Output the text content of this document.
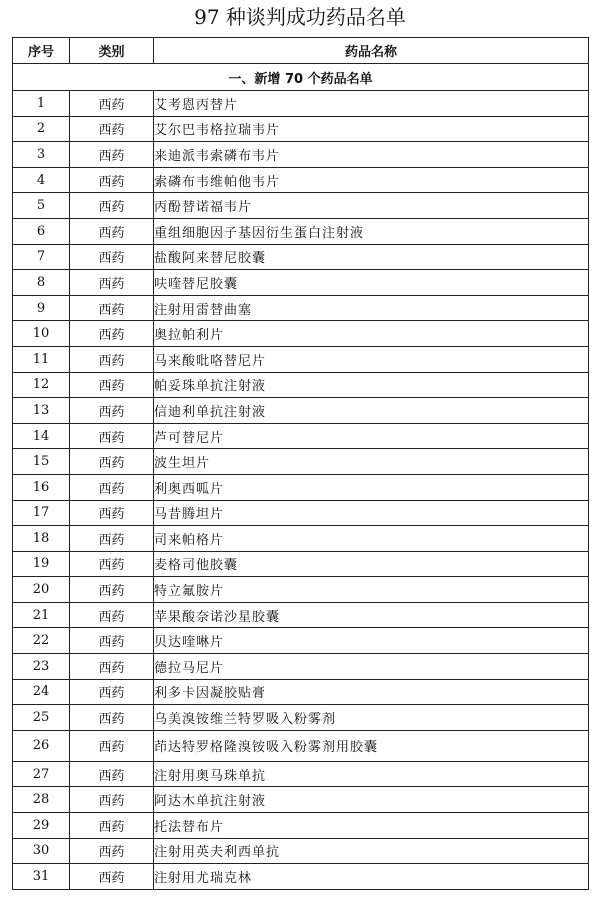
97 种谈判成功药品名单
序号	类别	药品名称
一、新增 70 个药品名单		
1	西药	艾考恩丙替片
2	西药	艾尔巴韦格拉瑞韦片
3	西药	来迪派韦索磷布韦片
4	西药	索磷布韦维帕他韦片
5	西药	丙酚替诺福韦片
6	西药	重组细胞因子基因衍生蛋白注射液
7	西药	盐酸阿来替尼胶囊
8	西药	呋喹替尼胶囊
9	西药	注射用雷替曲塞
10	西药	奥拉帕利片
11	西药	马来酸吡咯替尼片
12	西药	帕妥珠单抗注射液
13	西药	信迪利单抗注射液
14	西药	芦可替尼片
15	西药	波生坦片
16	西药	利奥西呱片
17	西药	马昔腾坦片
18	西药	司来帕格片
19	西药	麦格司他胶囊
20	西药	特立氟胺片
21	西药	苹果酸奈诺沙星胶囊
22	西药	贝达喹啉片
23	西药	德拉马尼片
24	西药	利多卡因凝胶贴膏
25	西药	乌美溴铵维兰特罗吸入粉雾剂
26	西药	茚达特罗格隆溴铵吸入粉雾剂用胶囊
27	西药	注射用奥马珠单抗
28	西药	阿达木单抗注射液
29	西药	托法替布片
30	西药	注射用英夫利西单抗
31	西药	注射用尤瑞克林
